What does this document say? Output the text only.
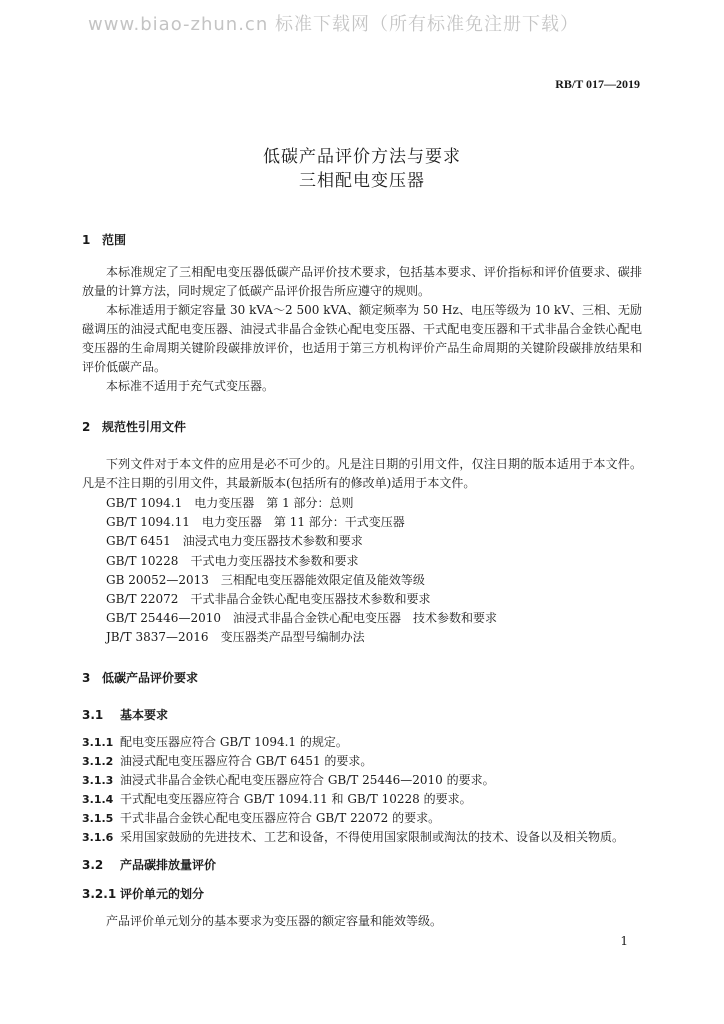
www.biao-zhun.cn 标准下载网（所有标准免注册下载）
RB/T 017—2019
低碳产品评价方法与要求
三相配电变压器
1 范围

本标准规定了三相配电变压器低碳产品评价技术要求，包括基本要求、评价指标和评价值要求、碳排放量的计算方法，同时规定了低碳产品评价报告所应遵守的规则。

本标准适用于额定容量 30 kVA～2 500 kVA、额定频率为 50 Hz、电压等级为 10 kV、三相、无励磁调压的油浸式配电变压器、油浸式非晶合金铁心配电变压器、干式配电变压器和干式非晶合金铁心配电变压器的生命周期关键阶段碳排放评价，也适用于第三方机构评价产品生命周期的关键阶段碳排放结果和评价低碳产品。

本标准不适用于充气式变压器。

2 规范性引用文件

下列文件对于本文件的应用是必不可少的。凡是注日期的引用文件，仅注日期的版本适用于本文件。凡是不注日期的引用文件，其最新版本(包括所有的修改单)适用于本文件。

GB/T 1094.1　电力变压器　第 1 部分：总则
GB/T 1094.11　电力变压器　第 11 部分：干式变压器
GB/T 6451　油浸式电力变压器技术参数和要求
GB/T 10228　干式电力变压器技术参数和要求
GB 20052—2013　三相配电变压器能效限定值及能效等级
GB/T 22072　干式非晶合金铁心配电变压器技术参数和要求
GB/T 25446—2010　油浸式非晶合金铁心配电变压器　技术参数和要求
JB/T 3837—2016　变压器类产品型号编制办法
3 低碳产品评价要求
3.1 基本要求
3.1.1 配电变压器应符合 GB/T 1094.1 的规定。
3.1.2 油浸式配电变压器应符合 GB/T 6451 的要求。
3.1.3 油浸式非晶合金铁心配电变压器应符合 GB/T 25446—2010 的要求。
3.1.4 干式配电变压器应符合 GB/T 1094.11 和 GB/T 10228 的要求。
3.1.5 干式非晶合金铁心配电变压器应符合 GB/T 22072 的要求。
3.1.6 采用国家鼓励的先进技术、工艺和设备，不得使用国家限制或淘汰的技术、设备以及相关物质。
3.2 产品碳排放量评价
3.2.1 评价单元的划分

产品评价单元划分的基本要求为变压器的额定容量和能效等级。

1
